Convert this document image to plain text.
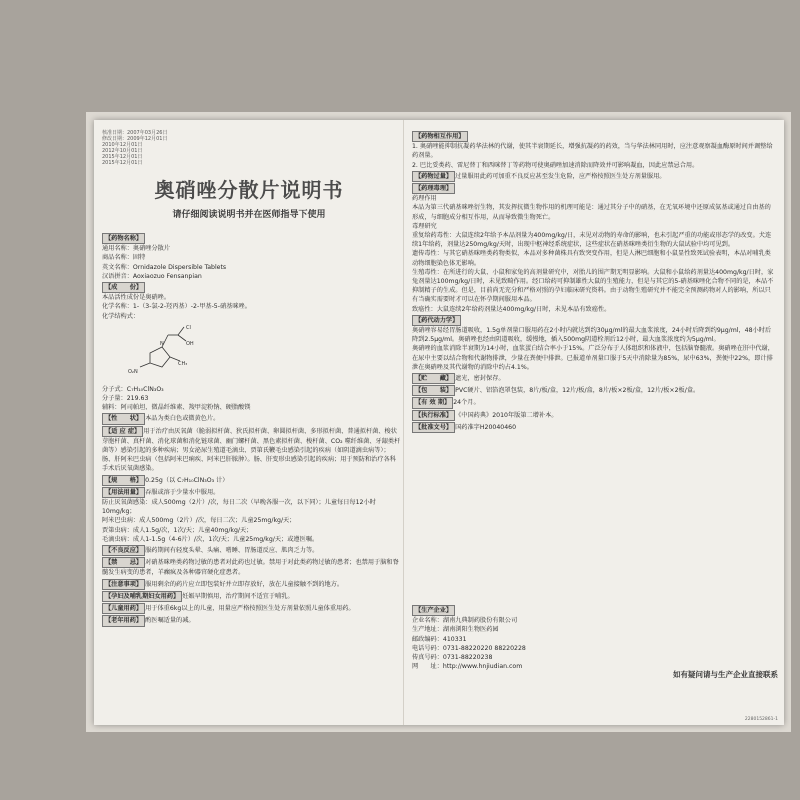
核准日期：2007年03月26日
修改日期：2009年12月01日
2010年12月01日
2012年10月01日
2015年12月01日
2015年12月01日
奥硝唑分散片说明书
请仔细阅读说明书并在医师指导下使用
【药物名称】
通用名称：奥硝唑分散片
商品名称：固特
英文名称：Ornidazole Dispersible Tablets
汉语拼音：Aoxiaozuo Fensanpian
【成　　份】
本品活性成份是奥硝唑。
化学名称：1-（3-氯-2-羟丙基）-2-甲基-5-硝基咪唑。
化学结构式：
O₂N
CH₃
N
Cl
OH
分子式：C₇H₁₀ClN₃O₃
分子量：219.63
辅料：阿司帕坦、微晶纤维素、羧甲淀粉钠、硬脂酸镁
【性　　状】 本品为类白色或微黄色片。
【适 应 症】 用于治疗由厌氧菌（脆弱拟杆菌、狄氏拟杆菌、卵圆拟杆菌、多形拟杆菌、普通拟杆菌、梭状芽胞杆菌、真杆菌、消化球菌和消化链球菌、幽门螺杆菌、黑色素拟杆菌、梭杆菌、CO₂ 噬纤维菌、牙龈类杆菌等）感染引起的多种疾病；男女泌尿生殖道毛滴虫、贾第氏鞭毛虫感染引起的疾病（如阴道滴虫病等）；肠、肝阿米巴虫病（包括阿米巴痢疾、阿米巴肝脓肿）。肠、肝变形虫感染引起的疾病；用于预防和治疗各科手术后厌氧菌感染。
【规　　格】 0.25g（以 C₇H₁₀ClN₃O₃ 计）
【用法用量】 吞服或溶于少量水中服用。
防止厌氧菌感染：成人500mg（2片）/次，每日二次（早晚各服一次，以下同）；儿童每日每12小时10mg/kg；
阿米巴虫病：成人500mg（2片）/次，每日二次；儿童25mg/kg/天；
贾第虫病：成人1.5g/次，1次/天；儿童40mg/kg/天；
毛滴虫病：成人1-1.5g（4-6片）/次，1次/天；儿童25mg/kg/天；或遵医嘱。
【不良反应】 服药期间有轻度头晕、头痛、嗜睡、胃肠道反应、肌肉乏力等。
【禁　　忌】 对硝基咪唑类药物过敏的患者对此药也过敏。禁用于对此类药物过敏的患者；也禁用于脑和脊髓发生病变的患者，羊癫疯及各种器官硬化症患者。
【注意事项】 服用剩余的药片应立即包装好并立即存放好，放在儿童接触不到的地方。
【孕妇及哺乳期妇女用药】 妊娠早期慎用，治疗期间不适宜于哺乳。
【儿童用药】 用于体重6kg以上的儿童，用量应严格按照医生处方剂量依照儿童体重用药。
【老年用药】 酌医嘱适量的减。
【药物相互作用】
1. 奥硝唑能抑制抗凝药华法林的代谢，使其半衰期延长，增强抗凝药的药效，当与华法林同用时，应注意观察凝血酶原时间并调整给药剂量。
2. 巴比妥类药、雷尼替丁和西咪替丁等药物可使奥硝唑加速消除而降效并可影响凝血，因此应禁忌合用。
【药物过量】 过量服用此药可加重不良反应甚至发生危险，应严格按照医生处方剂量服用。
【药理毒理】
药理作用
本品为第三代硝基咪唑衍生物，其发挥抗微生物作用的机理可能是：通过其分子中的硝基，在无氧环境中还原成氨基或通过自由基的形成，与细胞成分相互作用，从而导致微生物死亡。
毒理研究
重复给药毒性：大鼠连续2年给予本品剂量为400mg/kg/日，未见对动物的寿命的影响，也未引起严重的功能或形态学的改变。犬连续1年给药，剂量达250mg/kg/天时，出现中枢神经系统症状，这些症状在硝基咪唑类衍生物的大鼠试验中均可见到。
遗传毒性：与其它硝基咪唑类药物类似，本品对多种菌株具有致突变作用，但是人淋巴细胞和小鼠显性致死试验表明，本品对哺乳类动物细胞染色体无影响。
生殖毒性：在所进行的大鼠、小鼠和家兔的高剂量研究中，对胎儿的围产期无明显影响。大鼠和小鼠给药剂量达400mg/kg/日时，家兔剂量达100mg/kg/日时，未见致畸作用。经口给药可抑制雄性大鼠的生殖能力，但是与其它的5-硝基咪唑化合物不同的是，本品不抑制精子的生成。但是，目前尚无充分和严格对照的孕妇临床研究资料。由于动物生殖研究并不能完全预测药物对人的影响，所以只有当确实需要时才可以在怀孕期间服用本品。
致癌性：大鼠连续2年给药剂量达400mg/kg/日时，未见本品有致癌性。
【药代动力学】
奥硝唑容易经胃肠道吸收，1.5g单剂量口服用药在2小时内就达到约30μg/ml的最大血浆浓度，24小时后降到约9μg/ml，48小时后降到2.5μg/ml。奥硝唑也经由阴道吸收，缓慢地，插入500mg阴道栓剂后12小时，最大血浆浓度约为5μg/ml。
奥硝唑的血浆消除半衰期为14小时，血浆蛋白结合率小于15%。广泛分布于人体组织和体液中，包括脑脊髓液。奥硝唑在肝中代谢，在尿中主要以结合物和代谢物排泄，少量在粪便中排泄。已报道单剂量口服于5天中消除量为85%，尿中63%，粪便中22%，即计排泄在奥硝唑及其代谢物的消除中约占4.1%。
【贮　　藏】 遮光，密封保存。
【包　　装】 PVC硬片、铝箔泡罩包装，8片/板/盒，12片/板/盒，8片/板×2板/盒，12片/板×2板/盒。
【有 效 期】 24个月。
【执行标准】 《中国药典》2010年版第二增补本。
【批准文号】 国药准字H20040460
【生产企业】
企业名称：湖南九典制药股份有限公司
生产地址：湖南浏阳生物医药园
邮政编码：410331
电话号码：0731-88220220 88220228
传真号码：0731-88220238
网　　址：http://www.hnjiudian.com
如有疑问请与生产企业直接联系
2280152861-1
